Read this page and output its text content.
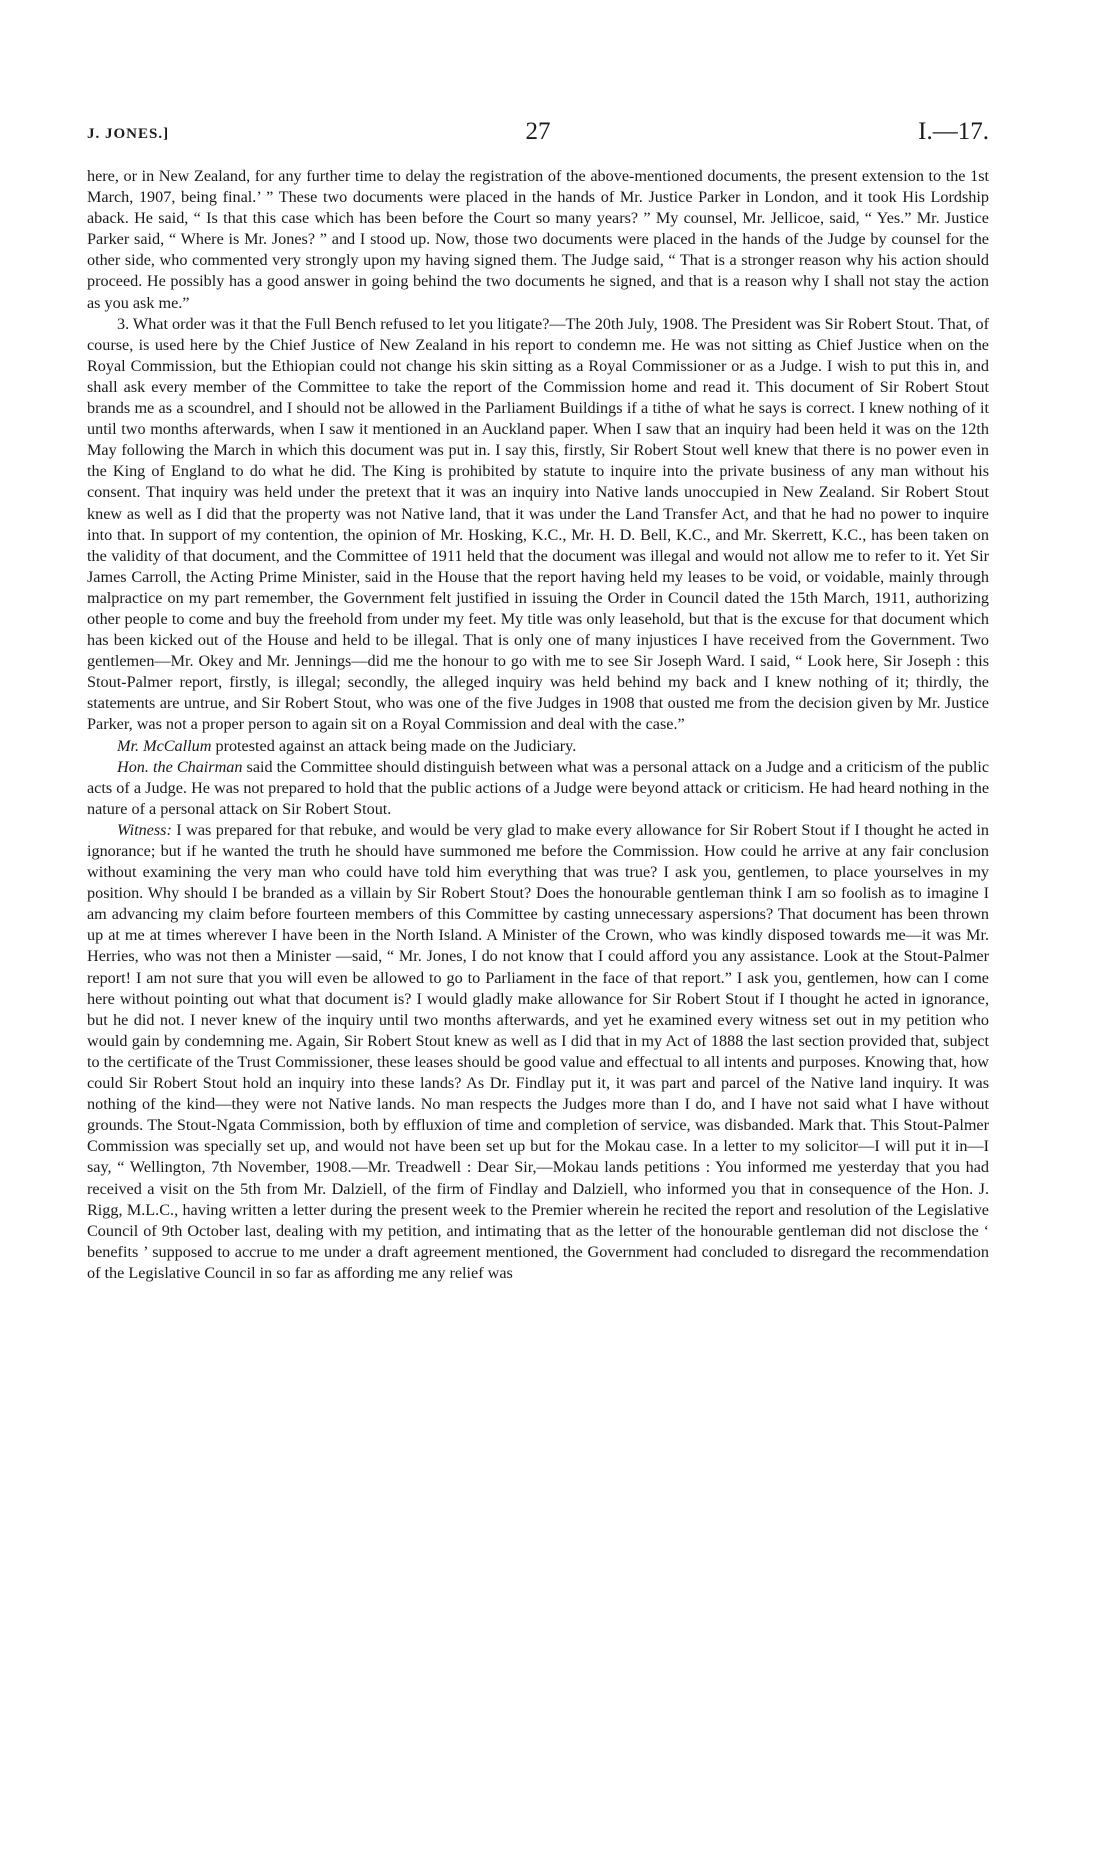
J. JONES.]	27	I.—17.

here, or in New Zealand, for any further time to delay the registration of the above-mentioned documents, the present extension to the 1st March, 1907, being final.’ ” These two documents were placed in the hands of Mr. Justice Parker in London, and it took His Lordship aback. He said, “ Is that this case which has been before the Court so many years? ” My counsel, Mr. Jellicoe, said, “ Yes.” Mr. Justice Parker said, “ Where is Mr. Jones? ” and I stood up. Now, those two documents were placed in the hands of the Judge by counsel for the other side, who commented very strongly upon my having signed them. The Judge said, “ That is a stronger reason why his action should proceed. He possibly has a good answer in going behind the two documents he signed, and that is a reason why I shall not stay the action as you ask me.”

3. What order was it that the Full Bench refused to let you litigate?—The 20th July, 1908. The President was Sir Robert Stout. That, of course, is used here by the Chief Justice of New Zealand in his report to condemn me. He was not sitting as Chief Justice when on the Royal Commission, but the Ethiopian could not change his skin sitting as a Royal Commissioner or as a Judge. I wish to put this in, and shall ask every member of the Committee to take the report of the Commission home and read it. This document of Sir Robert Stout brands me as a scoundrel, and I should not be allowed in the Parliament Buildings if a tithe of what he says is correct. I knew nothing of it until two months afterwards, when I saw it mentioned in an Auckland paper. When I saw that an inquiry had been held it was on the 12th May following the March in which this document was put in. I say this, firstly, Sir Robert Stout well knew that there is no power even in the King of England to do what he did. The King is prohibited by statute to inquire into the private business of any man without his consent. That inquiry was held under the pretext that it was an inquiry into Native lands unoccupied in New Zealand. Sir Robert Stout knew as well as I did that the property was not Native land, that it was under the Land Transfer Act, and that he had no power to inquire into that. In support of my contention, the opinion of Mr. Hosking, K.C., Mr. H. D. Bell, K.C., and Mr. Skerrett, K.C., has been taken on the validity of that document, and the Committee of 1911 held that the document was illegal and would not allow me to refer to it. Yet Sir James Carroll, the Acting Prime Minister, said in the House that the report having held my leases to be void, or voidable, mainly through malpractice on my part remember, the Government felt justified in issuing the Order in Council dated the 15th March, 1911, authorizing other people to come and buy the freehold from under my feet. My title was only leasehold, but that is the excuse for that document which has been kicked out of the House and held to be illegal. That is only one of many injustices I have received from the Government. Two gentlemen—Mr. Okey and Mr. Jennings—did me the honour to go with me to see Sir Joseph Ward. I said, “ Look here, Sir Joseph : this Stout-Palmer report, firstly, is illegal; secondly, the alleged inquiry was held behind my back and I knew nothing of it; thirdly, the statements are untrue, and Sir Robert Stout, who was one of the five Judges in 1908 that ousted me from the decision given by Mr. Justice Parker, was not a proper person to again sit on a Royal Commission and deal with the case.”

Mr. McCallum protested against an attack being made on the Judiciary.

Hon. the Chairman said the Committee should distinguish between what was a personal attack on a Judge and a criticism of the public acts of a Judge. He was not prepared to hold that the public actions of a Judge were beyond attack or criticism. He had heard nothing in the nature of a personal attack on Sir Robert Stout.

Witness: I was prepared for that rebuke, and would be very glad to make every allowance for Sir Robert Stout if I thought he acted in ignorance; but if he wanted the truth he should have summoned me before the Commission. How could he arrive at any fair conclusion without examining the very man who could have told him everything that was true? I ask you, gentlemen, to place yourselves in my position. Why should I be branded as a villain by Sir Robert Stout? Does the honourable gentleman think I am so foolish as to imagine I am advancing my claim before fourteen members of this Committee by casting unnecessary aspersions? That document has been thrown up at me at times wherever I have been in the North Island. A Minister of the Crown, who was kindly disposed towards me—it was Mr. Herries, who was not then a Minister —said, “ Mr. Jones, I do not know that I could afford you any assistance. Look at the Stout-Palmer report! I am not sure that you will even be allowed to go to Parliament in the face of that report.” I ask you, gentlemen, how can I come here without pointing out what that document is? I would gladly make allowance for Sir Robert Stout if I thought he acted in ignorance, but he did not. I never knew of the inquiry until two months afterwards, and yet he examined every witness set out in my petition who would gain by condemning me. Again, Sir Robert Stout knew as well as I did that in my Act of 1888 the last section provided that, subject to the certificate of the Trust Commissioner, these leases should be good value and effectual to all intents and purposes. Knowing that, how could Sir Robert Stout hold an inquiry into these lands? As Dr. Findlay put it, it was part and parcel of the Native land inquiry. It was nothing of the kind—they were not Native lands. No man respects the Judges more than I do, and I have not said what I have without grounds. The Stout-Ngata Commission, both by effluxion of time and completion of service, was disbanded. Mark that. This Stout-Palmer Commission was specially set up, and would not have been set up but for the Mokau case. In a letter to my solicitor—I will put it in—I say, “ Wellington, 7th November, 1908.—Mr. Treadwell : Dear Sir,—Mokau lands petitions : You informed me yesterday that you had received a visit on the 5th from Mr. Dalziell, of the firm of Findlay and Dalziell, who informed you that in consequence of the Hon. J. Rigg, M.L.C., having written a letter during the present week to the Premier wherein he recited the report and resolution of the Legislative Council of 9th October last, dealing with my petition, and intimating that as the letter of the honourable gentleman did not disclose the ‘ benefits ’ supposed to accrue to me under a draft agreement mentioned, the Government had concluded to disregard the recommendation of the Legislative Council in so far as affording me any relief was
